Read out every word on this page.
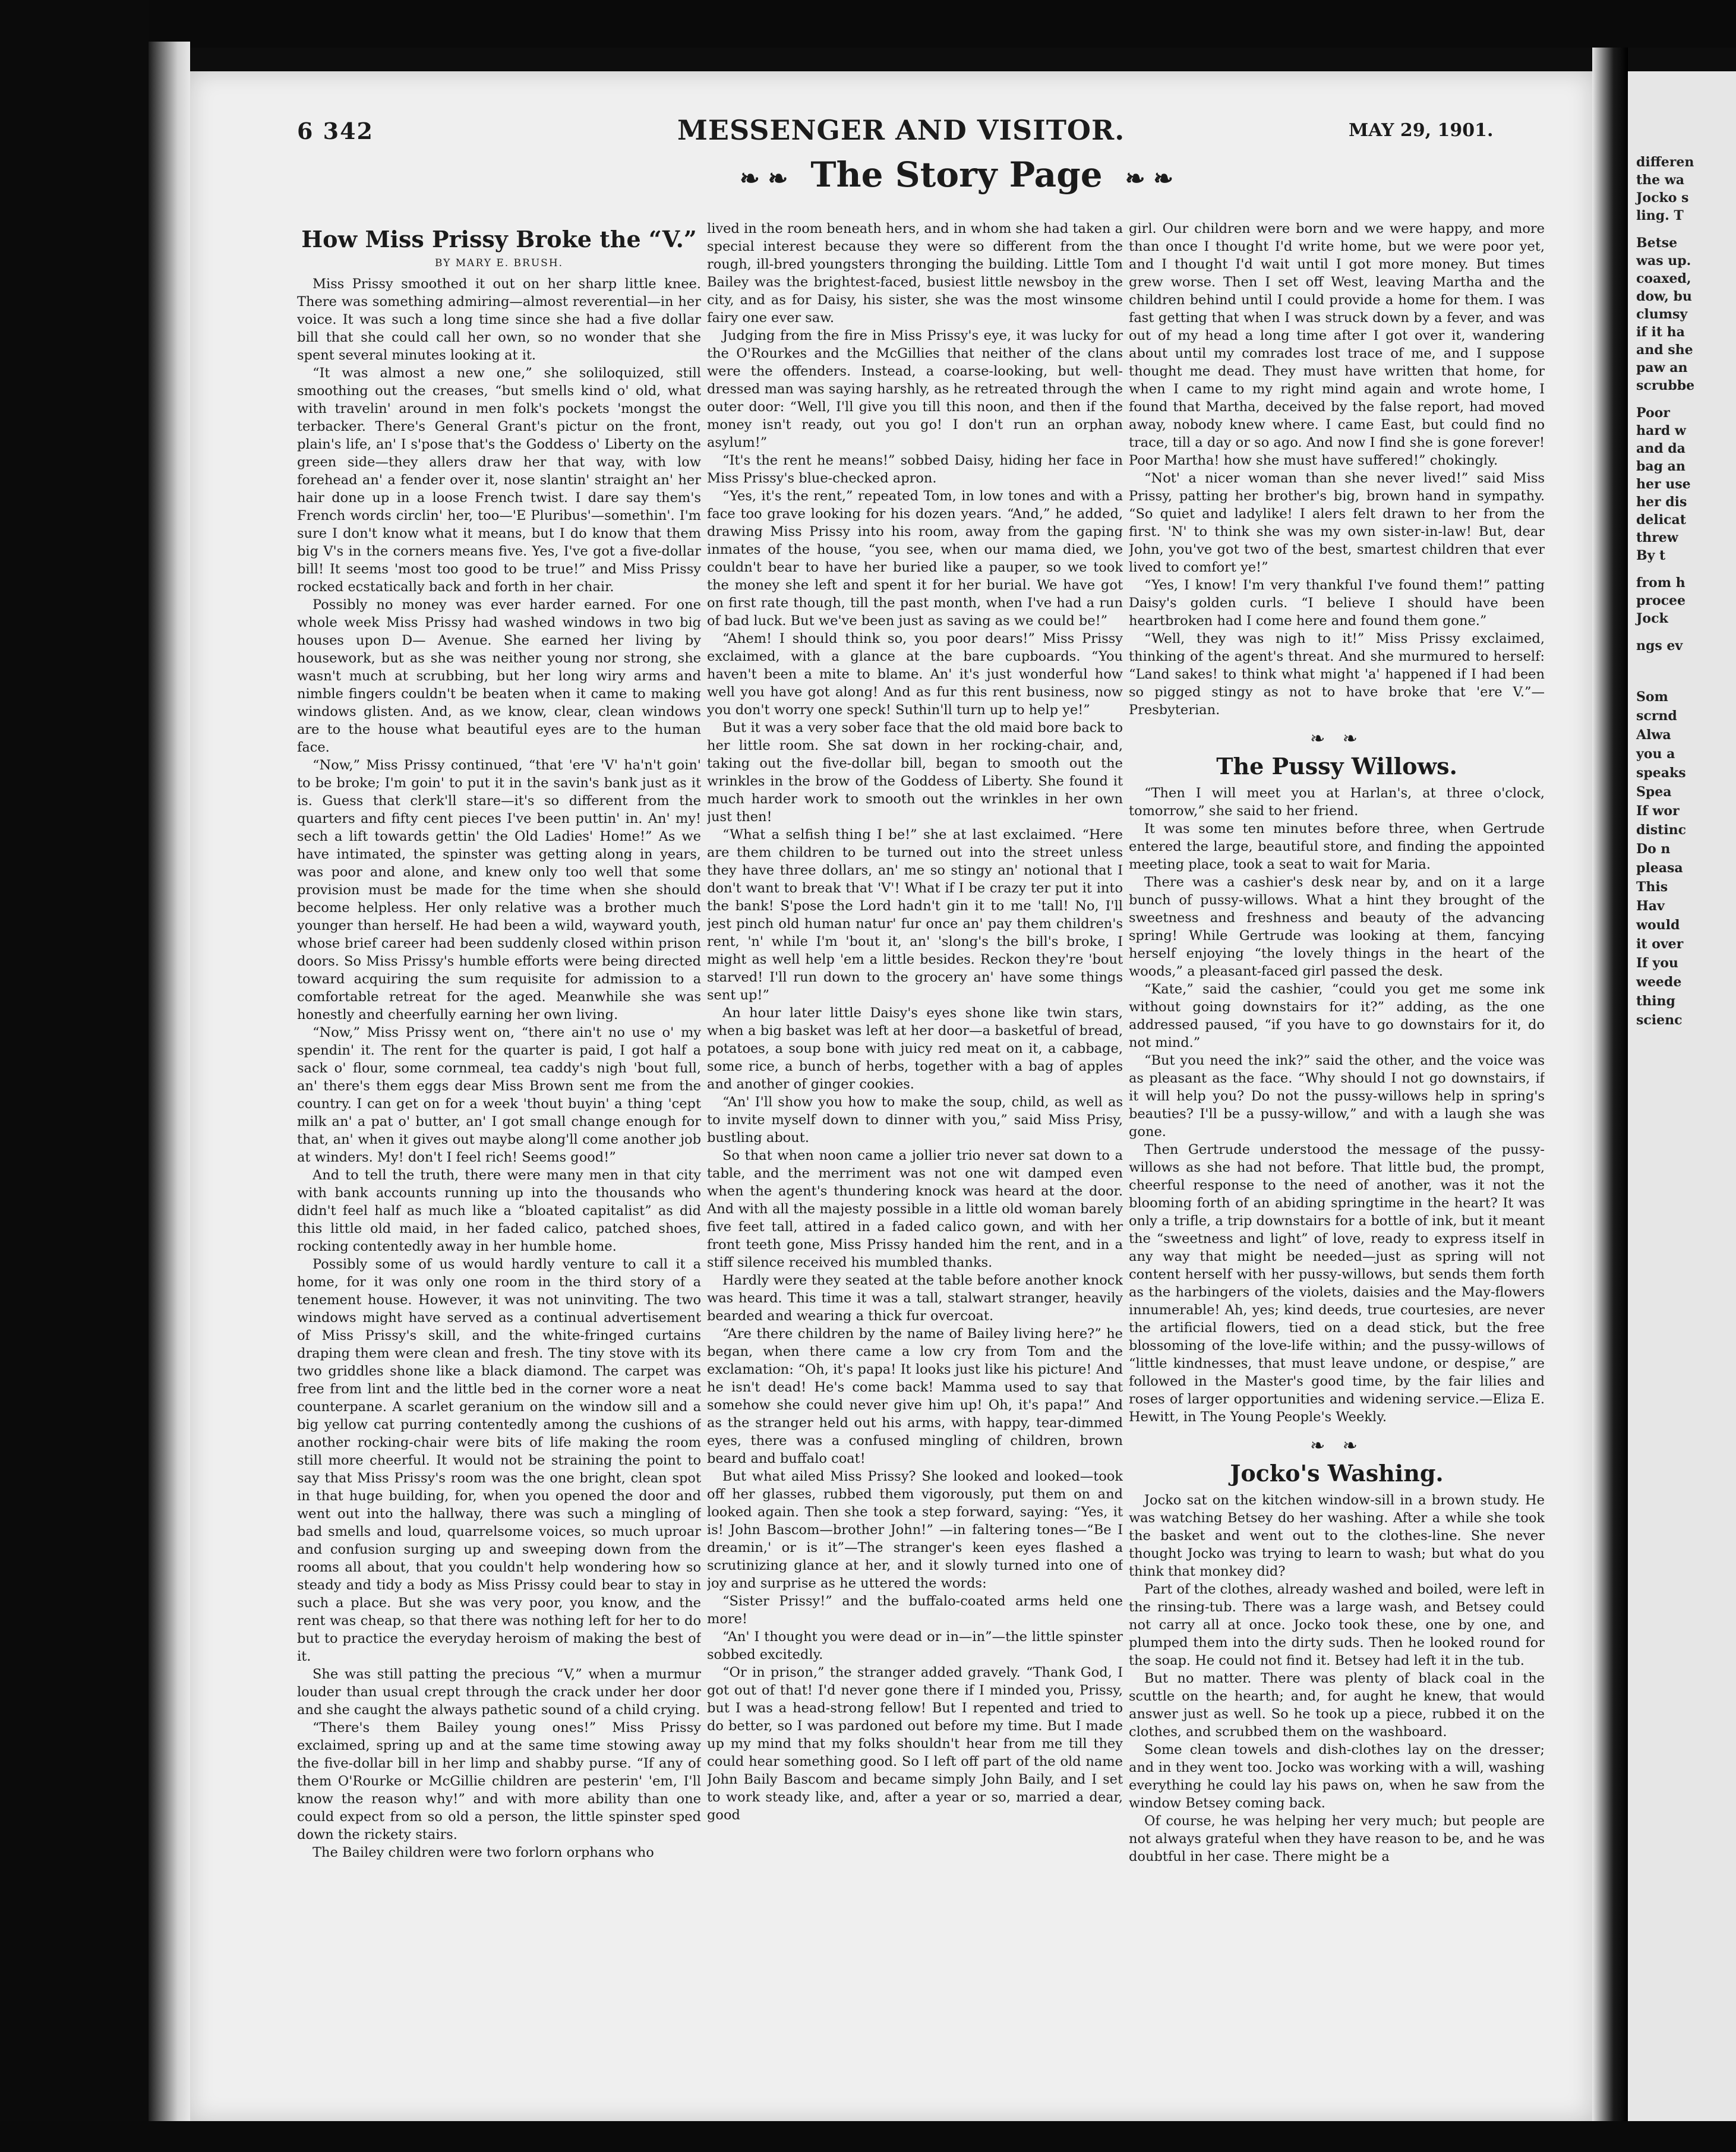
6 342	MESSENGER AND VISITOR.	MAY 29, 1901.
❧ ❧ The Story Page ❧ ❧
How Miss Prissy Broke the “V.”
BY MARY E. BRUSH.

Miss Prissy smoothed it out on her sharp little knee. There was something admiring—almost reverential—in her voice. It was such a long time since she had a five dollar bill that she could call her own, so no wonder that she spent several minutes looking at it.

“It was almost a new one,” she soliloquized, still smoothing out the creases, “but smells kind o' old, what with travelin' around in men folk's pockets 'mongst the terbacker. There's General Grant's pictur on the front, plain's life, an' I s'pose that's the Goddess o' Liberty on the green side—they allers draw her that way, with low forehead an' a fender over it, nose slantin' straight an' her hair done up in a loose French twist. I dare say them's French words circlin' her, too—'E Pluribus'—somethin'. I'm sure I don't know what it means, but I do know that them big V's in the corners means five. Yes, I've got a five-dollar bill! It seems 'most too good to be true!” and Miss Prissy rocked ecstatically back and forth in her chair.

Possibly no money was ever harder earned. For one whole week Miss Prissy had washed windows in two big houses upon D— Avenue. She earned her living by housework, but as she was neither young nor strong, she wasn't much at scrubbing, but her long wiry arms and nimble fingers couldn't be beaten when it came to making windows glisten. And, as we know, clear, clean windows are to the house what beautiful eyes are to the human face.

“Now,” Miss Prissy continued, “that 'ere 'V' ha'n't goin' to be broke; I'm goin' to put it in the savin's bank just as it is. Guess that clerk'll stare—it's so different from the quarters and fifty cent pieces I've been puttin' in. An' my! sech a lift towards gettin' the Old Ladies' Home!” As we have intimated, the spinster was getting along in years, was poor and alone, and knew only too well that some provision must be made for the time when she should become helpless. Her only relative was a brother much younger than herself. He had been a wild, wayward youth, whose brief career had been suddenly closed within prison doors. So Miss Prissy's humble efforts were being directed toward acquiring the sum requisite for admission to a comfortable retreat for the aged. Meanwhile she was honestly and cheerfully earning her own living.

“Now,” Miss Prissy went on, “there ain't no use o' my spendin' it. The rent for the quarter is paid, I got half a sack o' flour, some cornmeal, tea caddy's nigh 'bout full, an' there's them eggs dear Miss Brown sent me from the country. I can get on for a week 'thout buyin' a thing 'cept milk an' a pat o' butter, an' I got small change enough for that, an' when it gives out maybe along'll come another job at winders. My! don't I feel rich! Seems good!”

And to tell the truth, there were many men in that city with bank accounts running up into the thousands who didn't feel half as much like a “bloated capitalist” as did this little old maid, in her faded calico, patched shoes, rocking contentedly away in her humble home.

Possibly some of us would hardly venture to call it a home, for it was only one room in the third story of a tenement house. However, it was not uninviting. The two windows might have served as a continual advertisement of Miss Prissy's skill, and the white-fringed curtains draping them were clean and fresh. The tiny stove with its two griddles shone like a black diamond. The carpet was free from lint and the little bed in the corner wore a neat counterpane. A scarlet geranium on the window sill and a big yellow cat purring contentedly among the cushions of another rocking-chair were bits of life making the room still more cheerful. It would not be straining the point to say that Miss Prissy's room was the one bright, clean spot in that huge building, for, when you opened the door and went out into the hallway, there was such a mingling of bad smells and loud, quarrelsome voices, so much uproar and confusion surging up and sweeping down from the rooms all about, that you couldn't help wondering how so steady and tidy a body as Miss Prissy could bear to stay in such a place. But she was very poor, you know, and the rent was cheap, so that there was nothing left for her to do but to practice the everyday heroism of making the best of it.

She was still patting the precious “V,” when a murmur louder than usual crept through the crack under her door and she caught the always pathetic sound of a child crying.

“There's them Bailey young ones!” Miss Prissy exclaimed, spring up and at the same time stowing away the five-dollar bill in her limp and shabby purse. “If any of them O'Rourke or McGillie children are pesterin' 'em, I'll know the reason why!” and with more ability than one could expect from so old a person, the little spinster sped down the rickety stairs.

The Bailey children were two forlorn orphans who

lived in the room beneath hers, and in whom she had taken a special interest because they were so different from the rough, ill-bred youngsters thronging the building. Little Tom Bailey was the brightest-faced, busiest little newsboy in the city, and as for Daisy, his sister, she was the most winsome fairy one ever saw.

Judging from the fire in Miss Prissy's eye, it was lucky for the O'Rourkes and the McGillies that neither of the clans were the offenders. Instead, a coarse-looking, but well-dressed man was saying harshly, as he retreated through the outer door: “Well, I'll give you till this noon, and then if the money isn't ready, out you go! I don't run an orphan asylum!”

“It's the rent he means!” sobbed Daisy, hiding her face in Miss Prissy's blue-checked apron.

“Yes, it's the rent,” repeated Tom, in low tones and with a face too grave looking for his dozen years. “And,” he added, drawing Miss Prissy into his room, away from the gaping inmates of the house, “you see, when our mama died, we couldn't bear to have her buried like a pauper, so we took the money she left and spent it for her burial. We have got on first rate though, till the past month, when I've had a run of bad luck. But we've been just as saving as we could be!”

“Ahem! I should think so, you poor dears!” Miss Prissy exclaimed, with a glance at the bare cupboards. “You haven't been a mite to blame. An' it's just wonderful how well you have got along! And as fur this rent business, now you don't worry one speck! Suthin'll turn up to help ye!”

But it was a very sober face that the old maid bore back to her little room. She sat down in her rocking-chair, and, taking out the five-dollar bill, began to smooth out the wrinkles in the brow of the Goddess of Liberty. She found it much harder work to smooth out the wrinkles in her own just then!

“What a selfish thing I be!” she at last exclaimed. “Here are them children to be turned out into the street unless they have three dollars, an' me so stingy an' notional that I don't want to break that 'V'! What if I be crazy ter put it into the bank! S'pose the Lord hadn't gin it to me 'tall! No, I'll jest pinch old human natur' fur once an' pay them children's rent, 'n' while I'm 'bout it, an' 'slong's the bill's broke, I might as well help 'em a little besides. Reckon they're 'bout starved! I'll run down to the grocery an' have some things sent up!”

An hour later little Daisy's eyes shone like twin stars, when a big basket was left at her door—a basketful of bread, potatoes, a soup bone with juicy red meat on it, a cabbage, some rice, a bunch of herbs, together with a bag of apples and another of ginger cookies.

“An' I'll show you how to make the soup, child, as well as to invite myself down to dinner with you,” said Miss Prisy, bustling about.

So that when noon came a jollier trio never sat down to a table, and the merriment was not one wit damped even when the agent's thundering knock was heard at the door. And with all the majesty possible in a little old woman barely five feet tall, attired in a faded calico gown, and with her front teeth gone, Miss Prissy handed him the rent, and in a stiff silence received his mumbled thanks.

Hardly were they seated at the table before another knock was heard. This time it was a tall, stalwart stranger, heavily bearded and wearing a thick fur overcoat.

“Are there children by the name of Bailey living here?” he began, when there came a low cry from Tom and the exclamation: “Oh, it's papa! It looks just like his picture! And he isn't dead! He's come back! Mamma used to say that somehow she could never give him up! Oh, it's papa!” And as the stranger held out his arms, with happy, tear-dimmed eyes, there was a confused mingling of children, brown beard and buffalo coat!

But what ailed Miss Prissy? She looked and looked—took off her glasses, rubbed them vigorously, put them on and looked again. Then she took a step forward, saying: “Yes, it is! John Bascom—brother John!” —in faltering tones—“Be I dreamin,' or is it”—The stranger's keen eyes flashed a scrutinizing glance at her, and it slowly turned into one of joy and surprise as he uttered the words:

“Sister Prissy!” and the buffalo-coated arms held one more!

“An' I thought you were dead or in—in”—the little spinster sobbed excitedly.

“Or in prison,” the stranger added gravely. “Thank God, I got out of that! I'd never gone there if I minded you, Prissy, but I was a head-strong fellow! But I repented and tried to do better, so I was pardoned out before my time. But I made up my mind that my folks shouldn't hear from me till they could hear something good. So I left off part of the old name John Baily Bascom and became simply John Baily, and I set to work steady like, and, after a year or so, married a dear, good

girl. Our children were born and we were happy, and more than once I thought I'd write home, but we were poor yet, and I thought I'd wait until I got more money. But times grew worse. Then I set off West, leaving Martha and the children behind until I could provide a home for them. I was fast getting that when I was struck down by a fever, and was out of my head a long time after I got over it, wandering about until my comrades lost trace of me, and I suppose thought me dead. They must have written that home, for when I came to my right mind again and wrote home, I found that Martha, deceived by the false report, had moved away, nobody knew where. I came East, but could find no trace, till a day or so ago. And now I find she is gone forever! Poor Martha! how she must have suffered!” chokingly.

“Not' a nicer woman than she never lived!” said Miss Prissy, patting her brother's big, brown hand in sympathy. “So quiet and ladylike! I alers felt drawn to her from the first. 'N' to think she was my own sister-in-law! But, dear John, you've got two of the best, smartest children that ever lived to comfort ye!”

“Yes, I know! I'm very thankful I've found them!” patting Daisy's golden curls. “I believe I should have been heartbroken had I come here and found them gone.”

“Well, they was nigh to it!” Miss Prissy exclaimed, thinking of the agent's threat. And she murmured to herself: “Land sakes! to think what might 'a' happened if I had been so pigged stingy as not to have broke that 'ere V.”—Presbyterian.

❧ ❧
The Pussy Willows.

“Then I will meet you at Harlan's, at three o'clock, tomorrow,” she said to her friend.

It was some ten minutes before three, when Gertrude entered the large, beautiful store, and finding the appointed meeting place, took a seat to wait for Maria.

There was a cashier's desk near by, and on it a large bunch of pussy-willows. What a hint they brought of the sweetness and freshness and beauty of the advancing spring! While Gertrude was looking at them, fancying herself enjoying “the lovely things in the heart of the woods,” a pleasant-faced girl passed the desk.

“Kate,” said the cashier, “could you get me some ink without going downstairs for it?” adding, as the one addressed paused, “if you have to go downstairs for it, do not mind.”

“But you need the ink?” said the other, and the voice was as pleasant as the face. “Why should I not go downstairs, if it will help you? Do not the pussy-willows help in spring's beauties? I'll be a pussy-willow,” and with a laugh she was gone.

Then Gertrude understood the message of the pussy-willows as she had not before. That little bud, the prompt, cheerful response to the need of another, was it not the blooming forth of an abiding springtime in the heart? It was only a trifle, a trip downstairs for a bottle of ink, but it meant the “sweetness and light” of love, ready to express itself in any way that might be needed—just as spring will not content herself with her pussy-willows, but sends them forth as the harbingers of the violets, daisies and the May-flowers innumerable! Ah, yes; kind deeds, true courtesies, are never the artificial flowers, tied on a dead stick, but the free blossoming of the love-life within; and the pussy-willows of “little kindnesses, that must leave undone, or despise,” are followed in the Master's good time, by the fair lilies and roses of larger opportunities and widening service.—Eliza E. Hewitt, in The Young People's Weekly.

❧ ❧
Jocko's Washing.

Jocko sat on the kitchen window-sill in a brown study. He was watching Betsey do her washing. After a while she took the basket and went out to the clothes-line. She never thought Jocko was trying to learn to wash; but what do you think that monkey did?

Part of the clothes, already washed and boiled, were left in the rinsing-tub. There was a large wash, and Betsey could not carry all at once. Jocko took these, one by one, and plumped them into the dirty suds. Then he looked round for the soap. He could not find it. Betsey had left it in the tub.

But no matter. There was plenty of black coal in the scuttle on the hearth; and, for aught he knew, that would answer just as well. So he took up a piece, rubbed it on the clothes, and scrubbed them on the washboard.

Some clean towels and dish-clothes lay on the dresser; and in they went too. Jocko was working with a will, washing everything he could lay his paws on, when he saw from the window Betsey coming back.

Of course, he was helping her very much; but people are not always grateful when they have reason to be, and he was doubtful in her case. There might be a

differen
the wa
Jocko s
ling. T
Betse
was up.
coaxed,
dow, bu
clumsy
if it ha
and she
paw an
scrubbe
Poor
hard w
and da
bag an
her use
her dis
delicat
threw
By t
from h
procee
Jock
ngs ev
Som
scrnd
Alwa
you a
speaks
Spea
If wor
distinc
Do n
pleasa
This
Hav
would
it over
If you
weede
thing
scienc
